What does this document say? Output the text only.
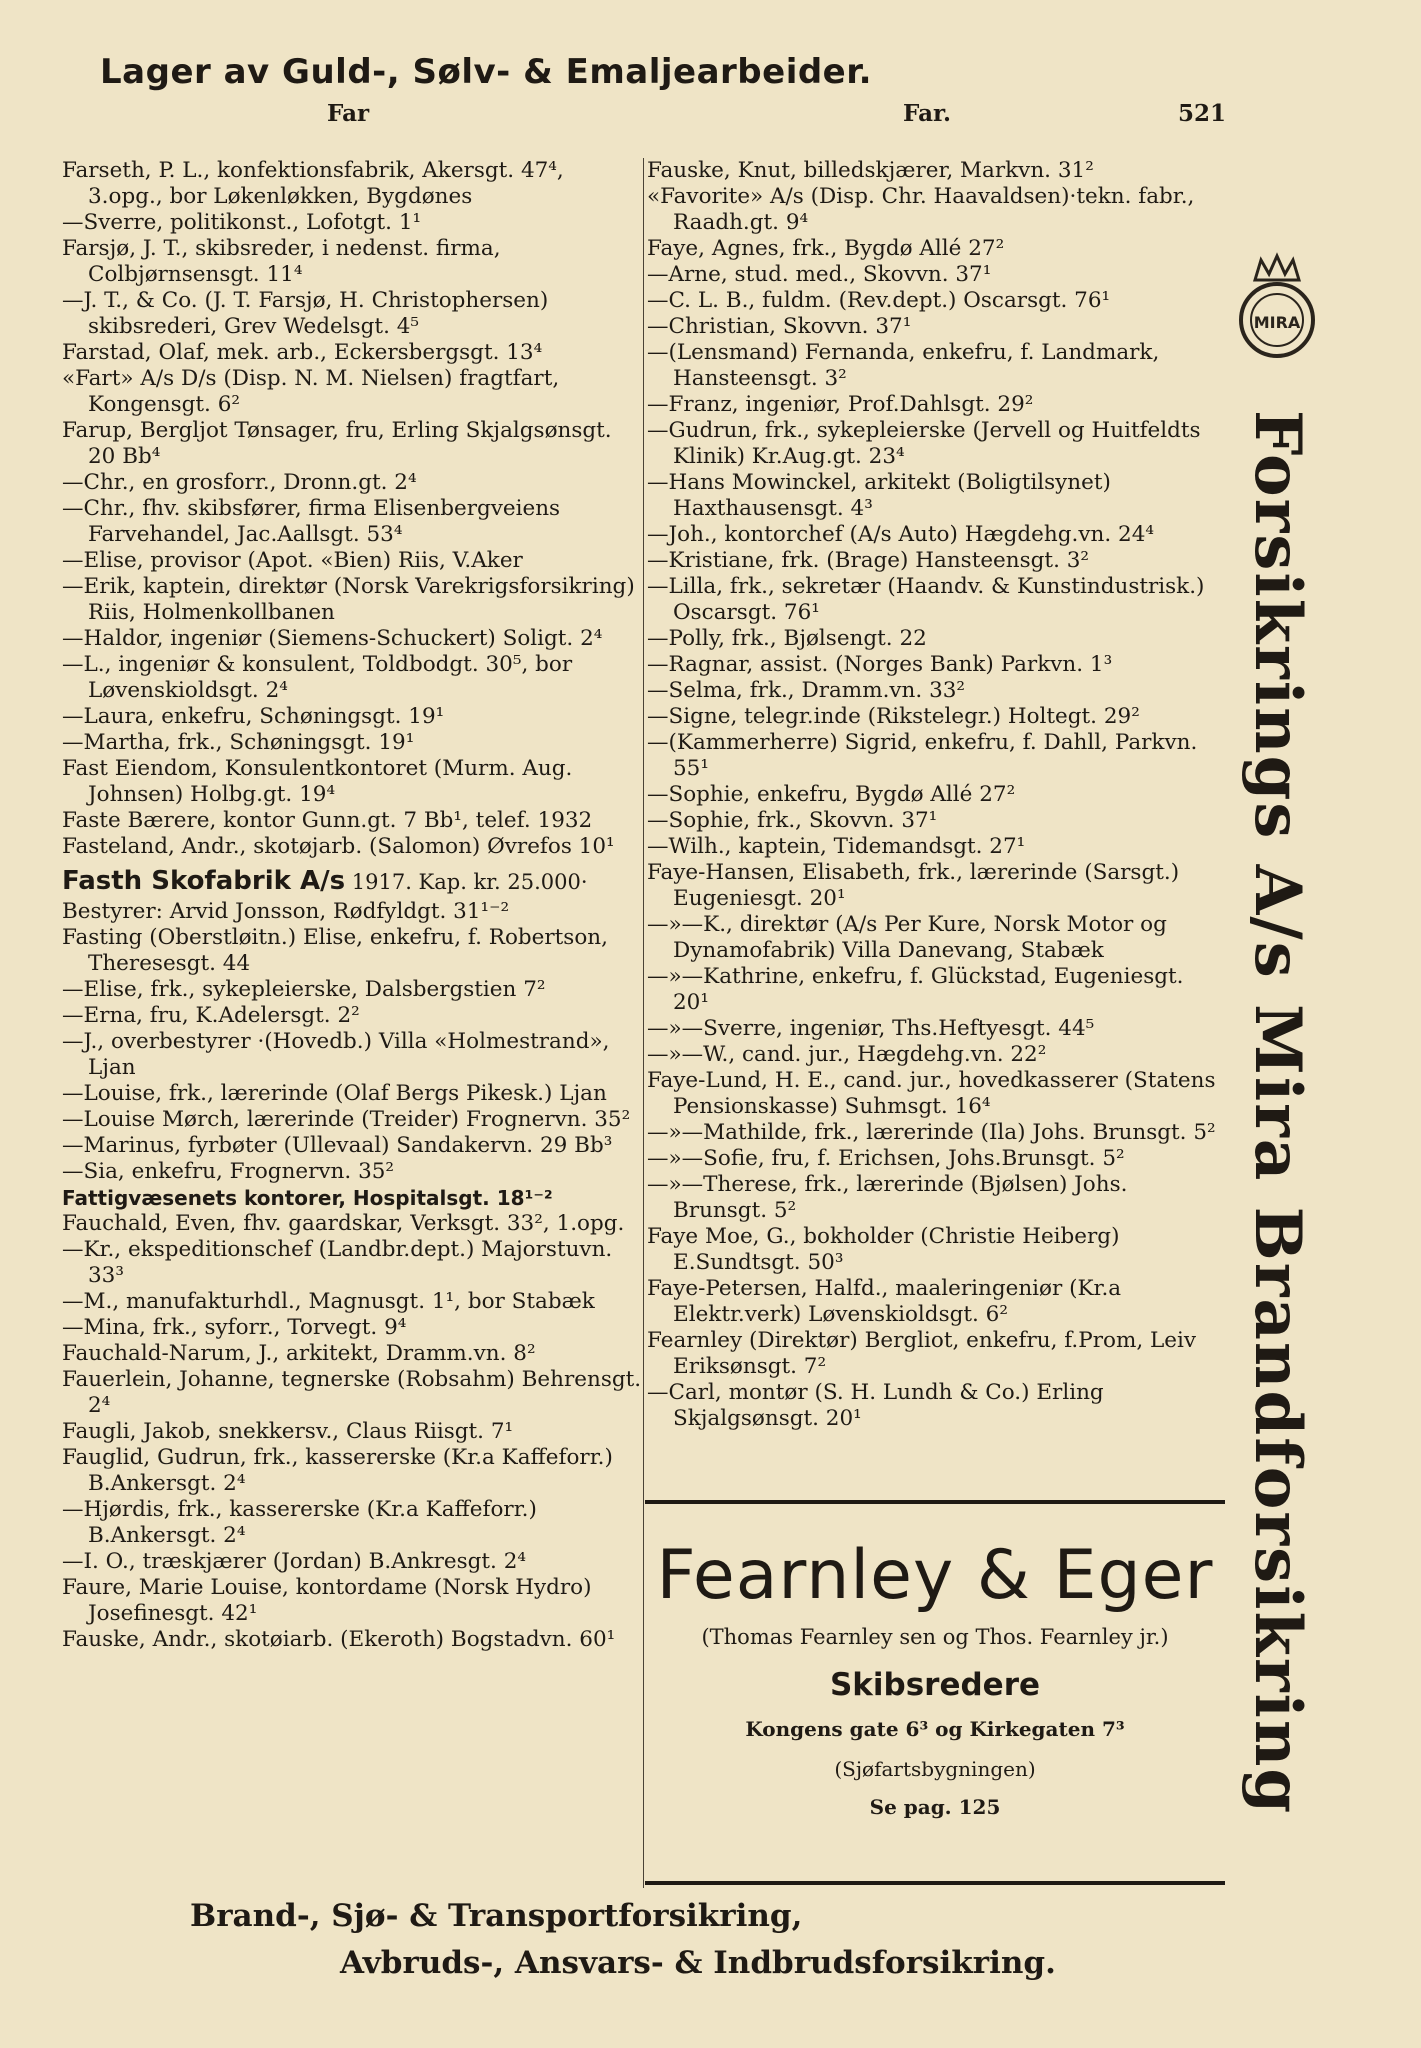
Lager av Guld-, Sølv- & Emaljearbeider.
Far	Far.	521

Farseth, P. L., konfektionsfabrik, Akersgt. 47⁴, 3.opg., bor Løkenløkken, Bygdønes

—Sverre, politikonst., Lofotgt. 1¹

Farsjø, J. T., skibsreder, i nedenst. firma, Colbjørnsensgt. 11⁴

—J. T., & Co. (J. T. Farsjø, H. Christophersen) skibsrederi, Grev Wedelsgt. 4⁵

Farstad, Olaf, mek. arb., Eckersbergsgt. 13⁴

«Fart» A/s D/s (Disp. N. M. Nielsen) fragtfart, Kongensgt. 6²

Farup, Bergljot Tønsager, fru, Erling Skjalgsønsgt. 20 Bb⁴

—Chr., en grosforr., Dronn.gt. 2⁴

—Chr., fhv. skibsfører, firma Elisenbergveiens Farvehandel, Jac.Aallsgt. 53⁴

—Elise, provisor (Apot. «Bien) Riis, V.Aker

—Erik, kaptein, direktør (Norsk Varekrigsforsikring) Riis, Holmenkollbanen

—Haldor, ingeniør (Siemens-Schuckert) Soligt. 2⁴

—L., ingeniør & konsulent, Toldbodgt. 30⁵, bor Løvenskioldsgt. 2⁴

—Laura, enkefru, Schøningsgt. 19¹

—Martha, frk., Schøningsgt. 19¹

Fast Eiendom, Konsulentkontoret (Murm. Aug. Johnsen) Holbg.gt. 19⁴

Faste Bærere, kontor Gunn.gt. 7 Bb¹, telef. 1932

Fasteland, Andr., skotøjarb. (Salomon) Øvrefos 10¹

Fasth Skofabrik A/s 1917. Kap. kr. 25.000·

Bestyrer: Arvid Jonsson, Rødfyldgt. 31¹⁻²

Fasting (Oberstløitn.) Elise, enkefru, f. Robertson, Theresesgt. 44

—Elise, frk., sykepleierske, Dalsbergstien 7²

—Erna, fru, K.Adelersgt. 2²

—J., overbestyrer ·(Hovedb.) Villa «Holmestrand», Ljan

—Louise, frk., lærerinde (Olaf Bergs Pikesk.) Ljan

—Louise Mørch, lærerinde (Treider) Frognervn. 35²

—Marinus, fyrbøter (Ullevaal) Sandakervn. 29 Bb³

—Sia, enkefru, Frognervn. 35²

Fattigvæsenets kontorer, Hospitalsgt. 18¹⁻²

Fauchald, Even, fhv. gaardskar, Verksgt. 33², 1.opg.

—Kr., ekspeditionschef (Landbr.dept.) Majorstuvn. 33³

—M., manufakturhdl., Magnusgt. 1¹, bor Stabæk

—Mina, frk., syforr., Torvegt. 9⁴

Fauchald-Narum, J., arkitekt, Dramm.vn. 8²

Fauerlein, Johanne, tegnerske (Robsahm) Behrensgt. 2⁴

Faugli, Jakob, snekkersv., Claus Riisgt. 7¹

Fauglid, Gudrun, frk., kassererske (Kr.a Kaffeforr.) B.Ankersgt. 2⁴

—Hjørdis, frk., kassererske (Kr.a Kaffeforr.) B.Ankersgt. 2⁴

—I. O., træskjærer (Jordan) B.Ankresgt. 2⁴

Faure, Marie Louise, kontordame (Norsk Hydro) Josefinesgt. 42¹

Fauske, Andr., skotøiarb. (Ekeroth) Bogstadvn. 60¹

Fauske, Knut, billedskjærer, Markvn. 31²

«Favorite» A/s (Disp. Chr. Haavaldsen)·tekn. fabr., Raadh.gt. 9⁴

Faye, Agnes, frk., Bygdø Allé 27²

—Arne, stud. med., Skovvn. 37¹

—C. L. B., fuldm. (Rev.dept.) Oscarsgt. 76¹

—Christian, Skovvn. 37¹

—(Lensmand) Fernanda, enkefru, f. Landmark, Hansteensgt. 3²

—Franz, ingeniør, Prof.Dahlsgt. 29²

—Gudrun, frk., sykepleierske (Jervell og Huitfeldts Klinik) Kr.Aug.gt. 23⁴

—Hans Mowinckel, arkitekt (Boligtilsynet) Haxthausensgt. 4³

—Joh., kontorchef (A/s Auto) Hægdehg.vn. 24⁴

—Kristiane, frk. (Brage) Hansteensgt. 3²

—Lilla, frk., sekretær (Haandv. & Kunstindustrisk.) Oscarsgt. 76¹

—Polly, frk., Bjølsengt. 22

—Ragnar, assist. (Norges Bank) Parkvn. 1³

—Selma, frk., Dramm.vn. 33²

—Signe, telegr.inde (Rikstelegr.) Holtegt. 29²

—(Kammerherre) Sigrid, enkefru, f. Dahll, Parkvn. 55¹

—Sophie, enkefru, Bygdø Allé 27²

—Sophie, frk., Skovvn. 37¹

—Wilh., kaptein, Tidemandsgt. 27¹

Faye-Hansen, Elisabeth, frk., lærerinde (Sarsgt.) Eugeniesgt. 20¹

—»—K., direktør (A/s Per Kure, Norsk Motor og Dynamofabrik) Villa Danevang, Stabæk

—»—Kathrine, enkefru, f. Glückstad, Eugeniesgt. 20¹

—»—Sverre, ingeniør, Ths.Heftyesgt. 44⁵

—»—W., cand. jur., Hægdehg.vn. 22²

Faye-Lund, H. E., cand. jur., hovedkasserer (Statens Pensionskasse) Suhmsgt. 16⁴

—»—Mathilde, frk., lærerinde (Ila) Johs. Brunsgt. 5²

—»—Sofie, fru, f. Erichsen, Johs.Brunsgt. 5²

—»—Therese, frk., lærerinde (Bjølsen) Johs. Brunsgt. 5²

Faye Moe, G., bokholder (Christie Heiberg) E.Sundtsgt. 50³

Faye-Petersen, Halfd., maaleringeniør (Kr.a Elektr.verk) Løvenskioldsgt. 6²

Fearnley (Direktør) Bergliot, enkefru, f.Prom, Leiv Eriksønsgt. 7²

—Carl, montør (S. H. Lundh & Co.) Erling Skjalgsønsgt. 20¹

Fearnley & Eger
(Thomas Fearnley sen og Thos. Fearnley jr.)
Skibsredere
Kongens gate 6³ og Kirkegaten 7³
(Sjøfartsbygningen)
Se pag. 125
MIRA
Forsikrings A/s Mira Brandforsikring
Brand-, Sjø- & Transportforsikring,
Avbruds-, Ansvars- & Indbrudsforsikring.
